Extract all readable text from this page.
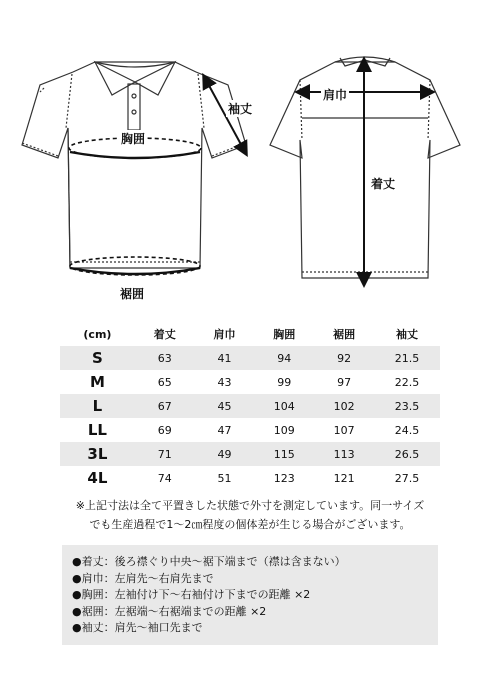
袖丈
胸囲
裾囲
肩巾
着丈
(cm)	着丈	肩巾	胸囲	裾囲	袖丈
S	63	41	94	92	21.5
M	65	43	99	97	22.5
L	67	45	104	102	23.5
LL	69	47	109	107	24.5
3L	71	49	115	113	26.5
4L	74	51	123	121	27.5
※上記寸法は全て平置きした状態で外寸を測定しています。同一サイズ
でも生産過程で1〜2㎝程度の個体差が生じる場合がございます。
●着丈：後ろ襟ぐり中央〜裾下端まで（襟は含まない）
●肩巾：左肩先〜右肩先まで
●胸囲：左袖付け下〜右袖付け下までの距離 ×2
●裾囲：左裾端〜右裾端までの距離 ×2
●袖丈：肩先〜袖口先まで
